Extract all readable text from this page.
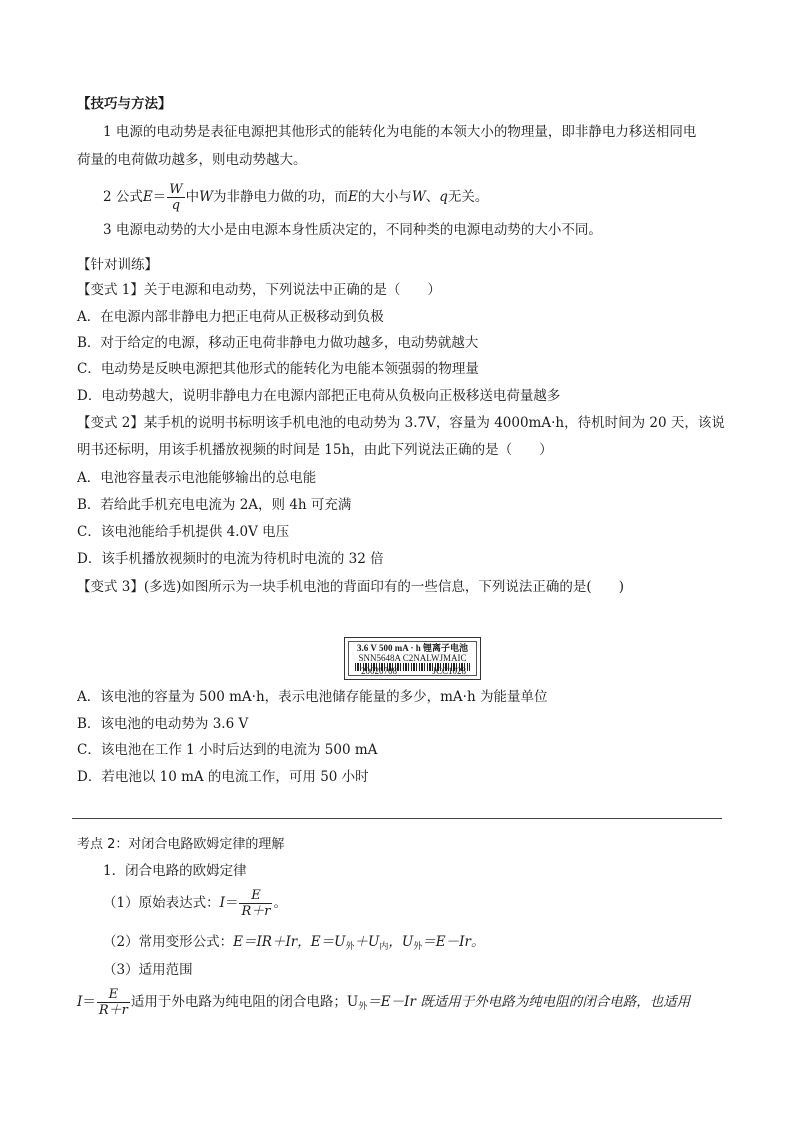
【技巧与方法】
1 电源的电动势是表征电源把其他形式的能转化为电能的本领大小的物理量，即非静电力移送相同电
荷量的电荷做功越多，则电动势越大。
2 公式$E= \frac{W}{q}$ 中W为非静电力做的功，而E的大小与W、q无关。
3 电源电动势的大小是由电源本身性质决定的，不同种类的电源电动势的大小不同。
【针对训练】
【变式 1】关于电源和电动势，下列说法中正确的是（　　）
A．在电源内部非静电力把正电荷从正极移动到负极
B．对于给定的电源，移动正电荷非静电力做功越多，电动势就越大
C．电动势是反映电源把其他形式的能转化为电能本领强弱的物理量
D．电动势越大，说明非静电力在电源内部把正电荷从负极向正极移送电荷量越多
【变式 2】某手机的说明书标明该手机电池的电动势为 3.7V，容量为 4000mA·h，待机时间为 20 天，该说
明书还标明，用该手机播放视频的时间是 15h，由此下列说法正确的是（　　）
A．电池容量表示电池能够输出的总电能
B．若给此手机充电电流为 2A，则 4h 可充满
C．该电池能给手机提供 4.0V 电压
D．该手机播放视频时的电流为待机时电流的 32 倍
【变式 3】(多选)如图所示为一块手机电池的背面印有的一些信息，下列说法正确的是(　　)
3.6 V 500 mA · h 锂离子电池
SNN5648A C2NALWJMAIC
20020708	JCC1028
A．该电池的容量为 500 mA·h，表示电池储存能量的多少，mA·h 为能量单位
B．该电池的电动势为 3.6 V
C．该电池在工作 1 小时后达到的电流为 500 mA
D．若电池以 10 mA 的电流工作，可用 50 小时
考点 2：对闭合电路欧姆定律的理解
1．闭合电路的欧姆定律
（1）原始表达式：$I= \frac{E}{R+r}$ 。
（2）常用变形公式：E＝IR＋Ir，$E=U_外+U_内$，$U_外=E-Ir$。
（3）适用范围
$I= \frac{E}{R+r}$ 适用于外电路为纯电阻的闭合电路；$U_外=E-Ir$ 既适用于外电路为纯电阻的闭合电路，也适用
